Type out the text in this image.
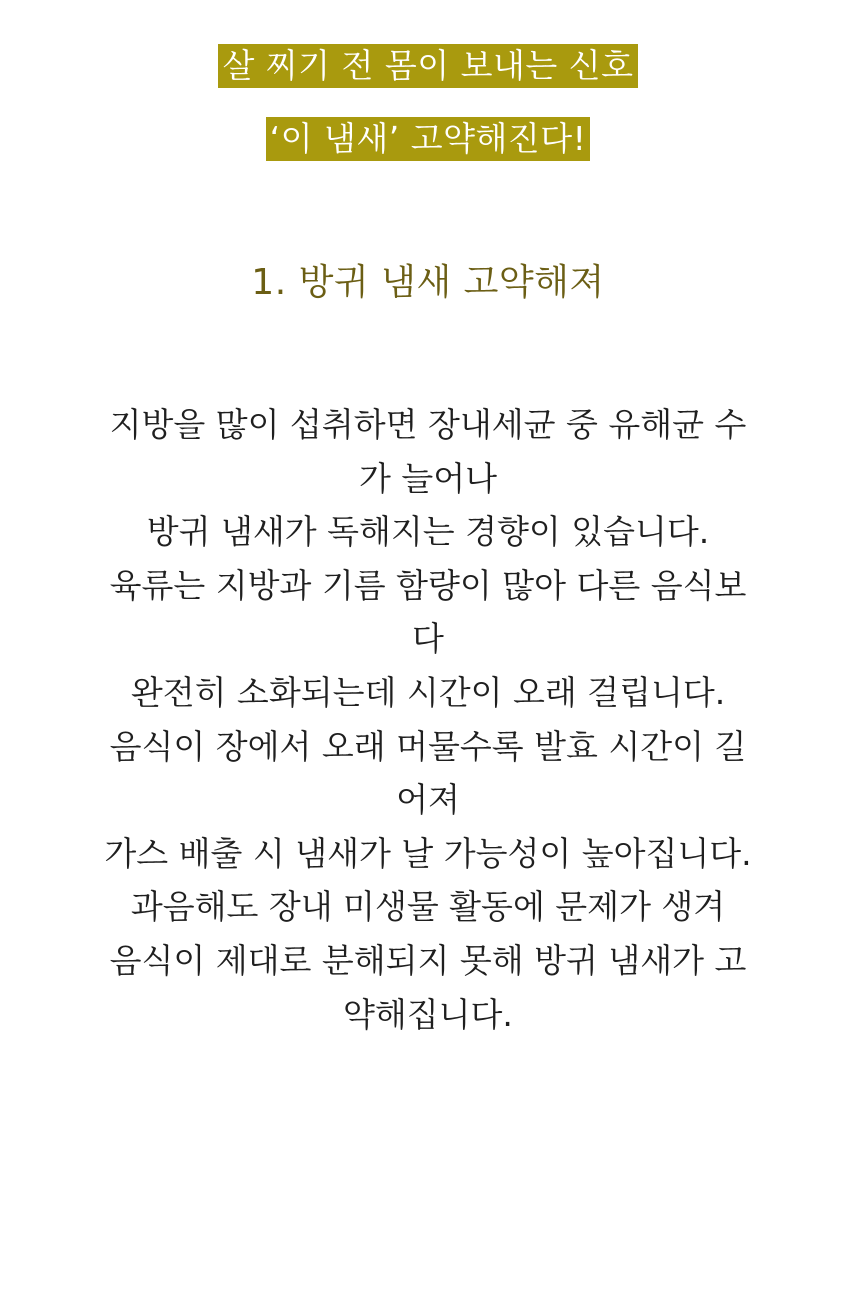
살 찌기 전 몸이 보내는 신호
‘이 냄새’ 고약해진다!
1. 방귀 냄새 고약해져
지방을 많이 섭취하면 장내세균 중 유해균 수
가 늘어나
방귀 냄새가 독해지는 경향이 있습니다.
육류는 지방과 기름 함량이 많아 다른 음식보
다
완전히 소화되는데 시간이 오래 걸립니다.
음식이 장에서 오래 머물수록 발효 시간이 길
어져
가스 배출 시 냄새가 날 가능성이 높아집니다.
과음해도 장내 미생물 활동에 문제가 생겨
음식이 제대로 분해되지 못해 방귀 냄새가 고
약해집니다.
